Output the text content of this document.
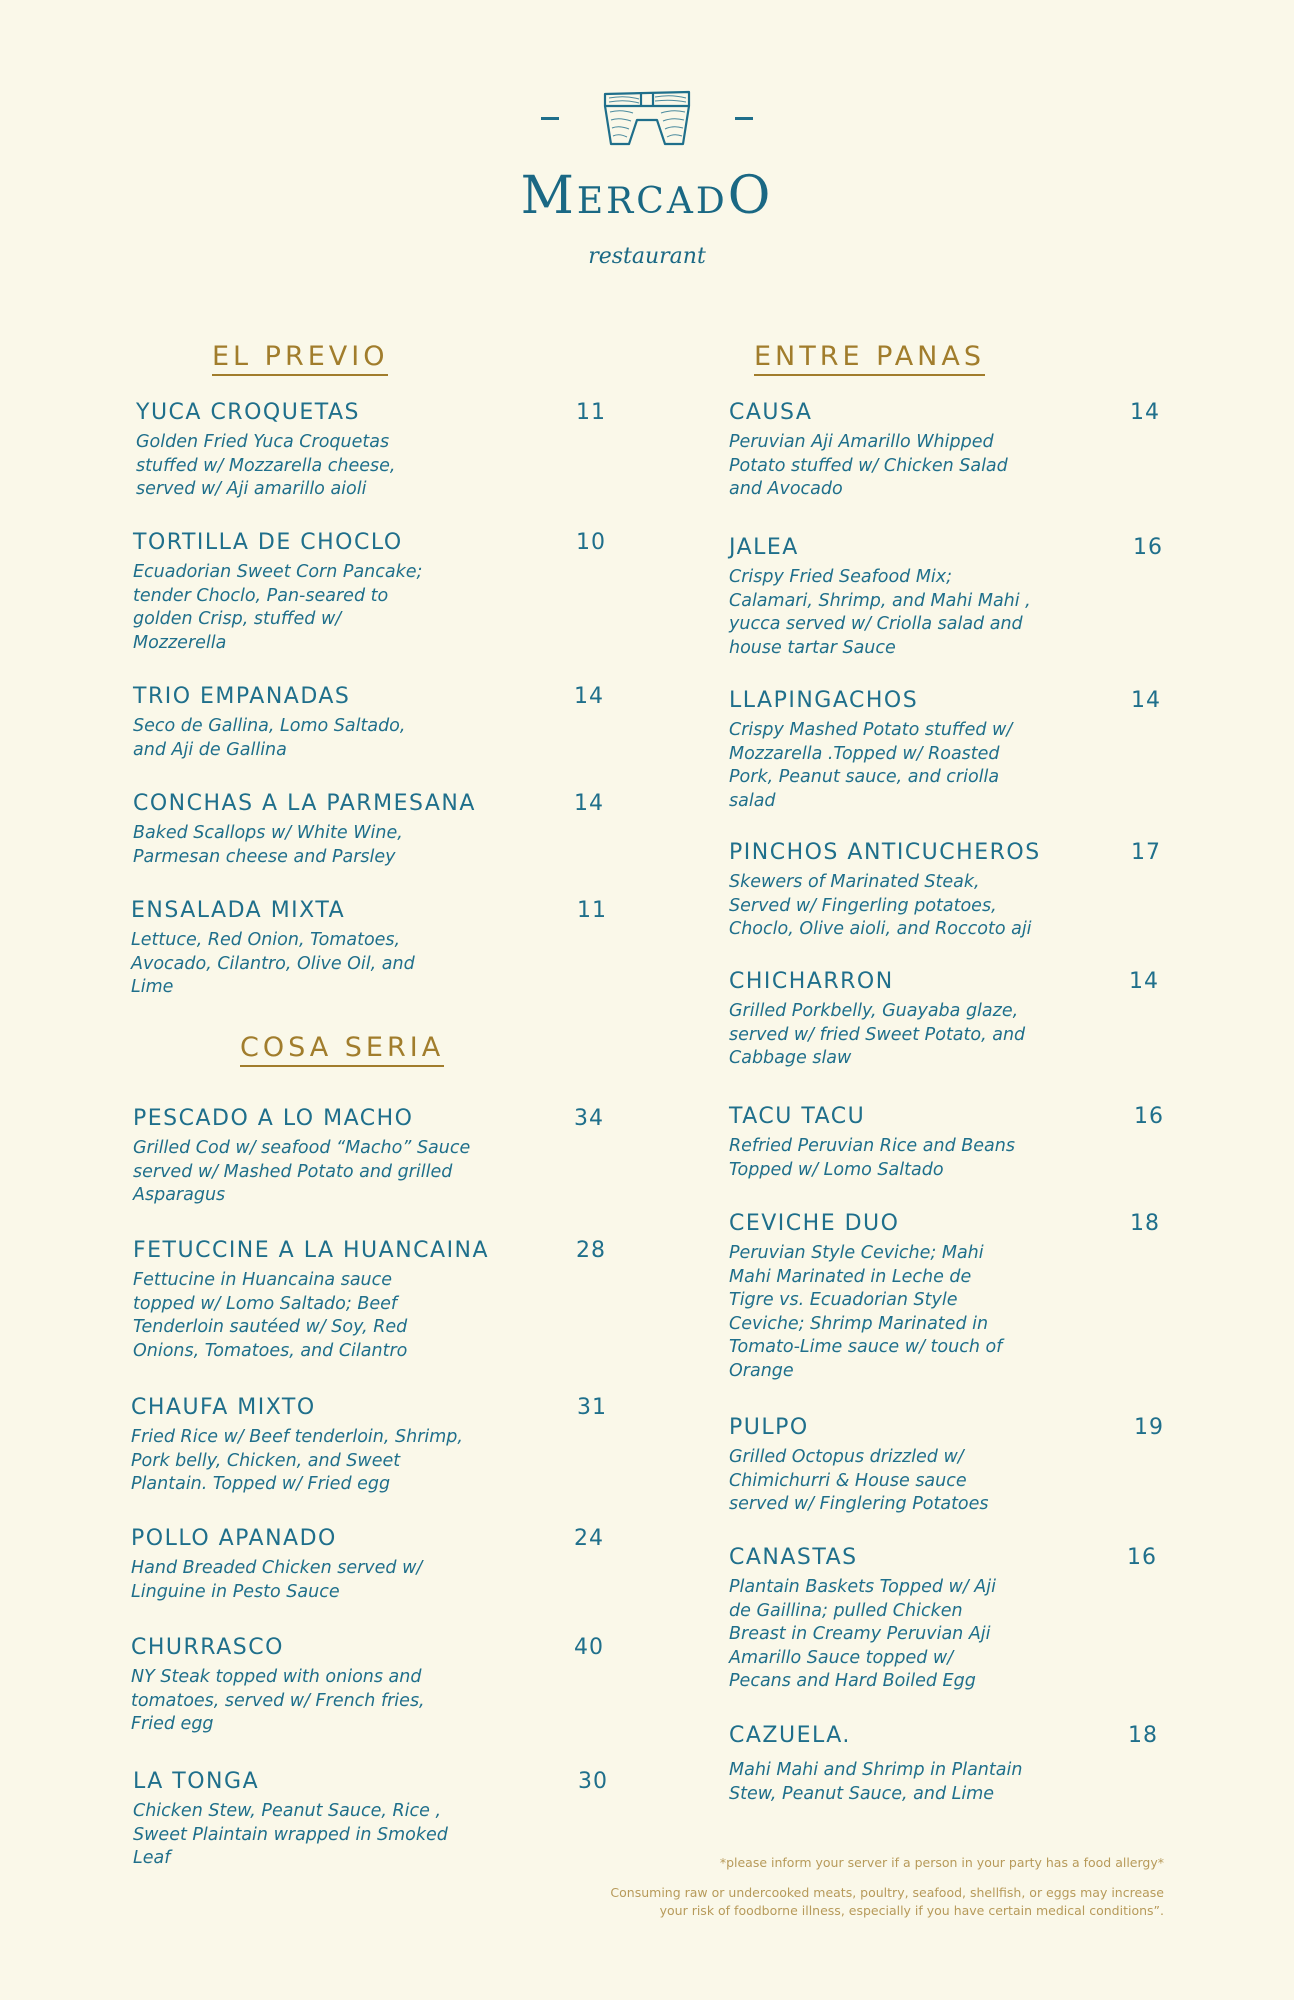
MercadO
restaurant
EL PREVIO
YUCA CROQUETAS
Golden Fried Yuca Croquetas
stuffed w/ Mozzarella cheese,
served w/ Aji amarillo aioli
11
TORTILLA DE CHOCLO
Ecuadorian Sweet Corn Pancake;
tender Choclo, Pan-seared to
golden Crisp, stuffed w/
Mozzerella
10
TRIO EMPANADAS
Seco de Gallina, Lomo Saltado,
and Aji de Gallina
14
CONCHAS A LA PARMESANA
Baked Scallops w/ White Wine,
Parmesan cheese and Parsley
14
ENSALADA MIXTA
Lettuce, Red Onion, Tomatoes,
Avocado, Cilantro, Olive Oil, and
Lime
11
COSA SERIA
PESCADO A LO MACHO
Grilled Cod w/ seafood “Macho” Sauce
served w/ Mashed Potato and grilled
Asparagus
34
FETUCCINE A LA HUANCAINA
Fettucine in Huancaina sauce
topped w/ Lomo Saltado; Beef
Tenderloin sautéed w/ Soy, Red
Onions, Tomatoes, and Cilantro
28
CHAUFA MIXTO
Fried Rice w/ Beef tenderloin, Shrimp,
Pork belly, Chicken, and Sweet
Plantain. Topped w/ Fried egg
31
POLLO APANADO
Hand Breaded Chicken served w/
Linguine in Pesto Sauce
24
CHURRASCO
NY Steak topped with onions and
tomatoes, served w/ French fries,
Fried egg
40
LA TONGA
Chicken Stew, Peanut Sauce, Rice ,
Sweet Plaintain wrapped in Smoked
Leaf
30
ENTRE PANAS
CAUSA
Peruvian Aji Amarillo Whipped
Potato stuffed w/ Chicken Salad
and Avocado
14
JALEA
Crispy Fried Seafood Mix;
Calamari, Shrimp, and Mahi Mahi ,
yucca served w/ Criolla salad and
house tartar Sauce
16
LLAPINGACHOS
Crispy Mashed Potato stuffed w/
Mozzarella .Topped w/ Roasted
Pork, Peanut sauce, and criolla
salad
14
PINCHOS ANTICUCHEROS
Skewers of Marinated Steak,
Served w/ Fingerling potatoes,
Choclo, Olive aioli, and Roccoto aji
17
CHICHARRON
Grilled Porkbelly, Guayaba glaze,
served w/ fried Sweet Potato, and
Cabbage slaw
14
TACU TACU
Refried Peruvian Rice and Beans
Topped w/ Lomo Saltado
16
CEVICHE DUO
Peruvian Style Ceviche; Mahi
Mahi Marinated in Leche de
Tigre vs. Ecuadorian Style
Ceviche; Shrimp Marinated in
Tomato-Lime sauce w/ touch of
Orange
18
PULPO
Grilled Octopus drizzled w/
Chimichurri & House sauce
served w/ Finglering Potatoes
19
CANASTAS
Plantain Baskets Topped w/ Aji
de Gaillina; pulled Chicken
Breast in Creamy Peruvian Aji
Amarillo Sauce topped w/
Pecans and Hard Boiled Egg
16
CAZUELA.
Mahi Mahi and Shrimp in Plantain
Stew, Peanut Sauce, and Lime
18

*please inform your server if a person in your party has a food allergy*

Consuming raw or undercooked meats, poultry, seafood, shellfish, or eggs may increase your risk of foodborne illness, especially if you have certain medical conditions”.
